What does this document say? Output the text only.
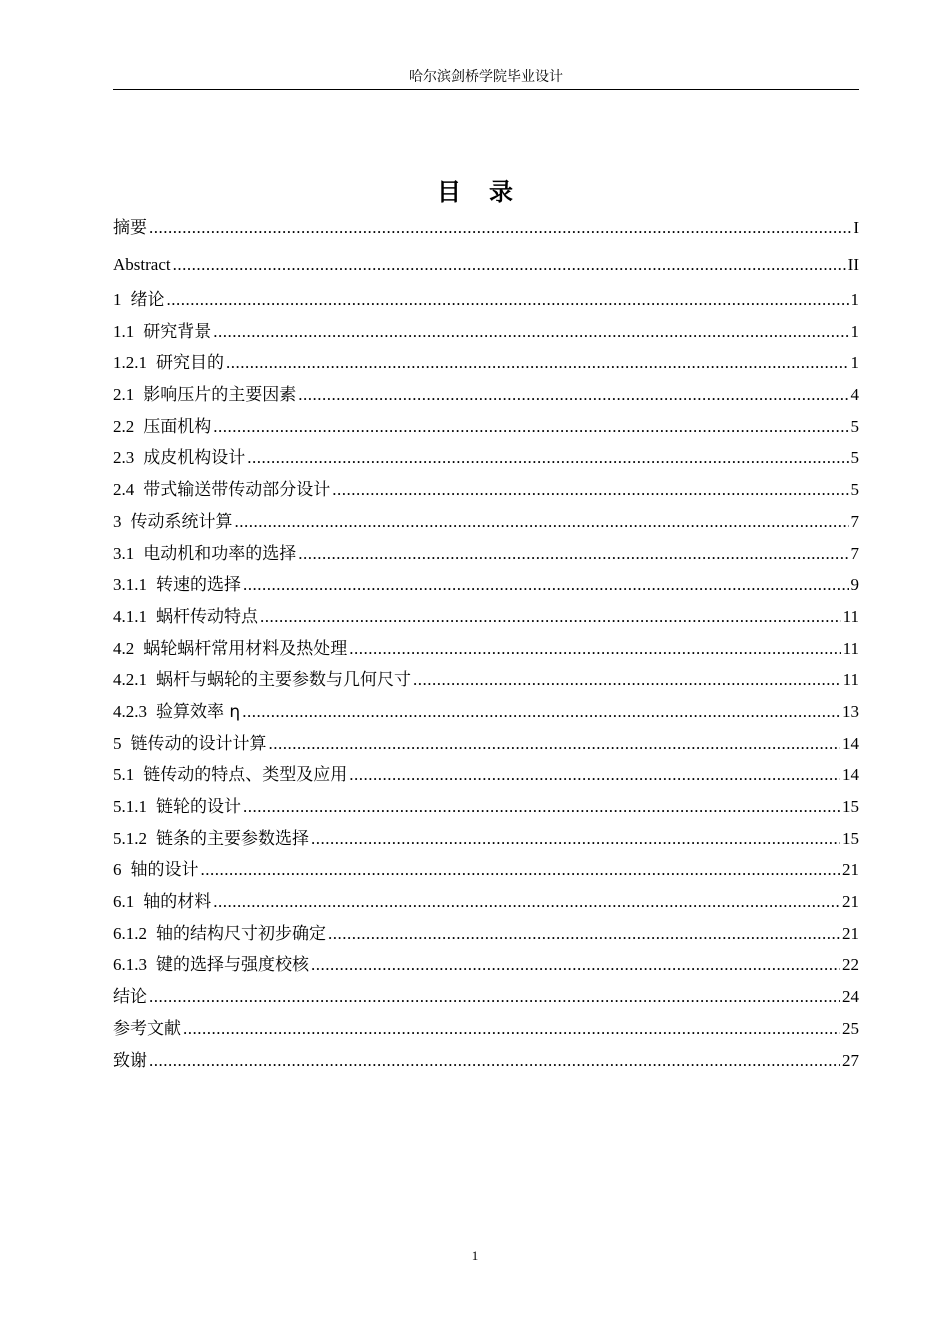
哈尔滨剑桥学院毕业设计
目录
摘要 .....	I
Abstract .....	II
1 绪论 .....	1
1.1 研究背景 .....	1
1.2.1 研究目的 .....	1
2.1 影响压片的主要因素 .....	4
2.2 压面机构 .....	5
2.3 成皮机构设计 .....	5
2.4 带式输送带传动部分设计 .....	5
3 传动系统计算 .....	7
3.1 电动机和功率的选择 .....	7
3.1.1 转速的选择 .....	9
4.1.1 蜗杆传动特点 .....	11
4.2 蜗轮蜗杆常用材料及热处理 .....	11
4.2.1 蜗杆与蜗轮的主要参数与几何尺寸 .....	11
4.2.3 验算效率 η .....	13
5 链传动的设计计算 .....	14
5.1 链传动的特点、类型及应用 .....	14
5.1.1 链轮的设计 .....	15
5.1.2 链条的主要参数选择 .....	15
6 轴的设计 .....	21
6.1 轴的材料 .....	21
6.1.2 轴的结构尺寸初步确定 .....	21
6.1.3 键的选择与强度校核 .....	22
结论 .....	24
参考文献 .....	25
致谢 .....	27
1
